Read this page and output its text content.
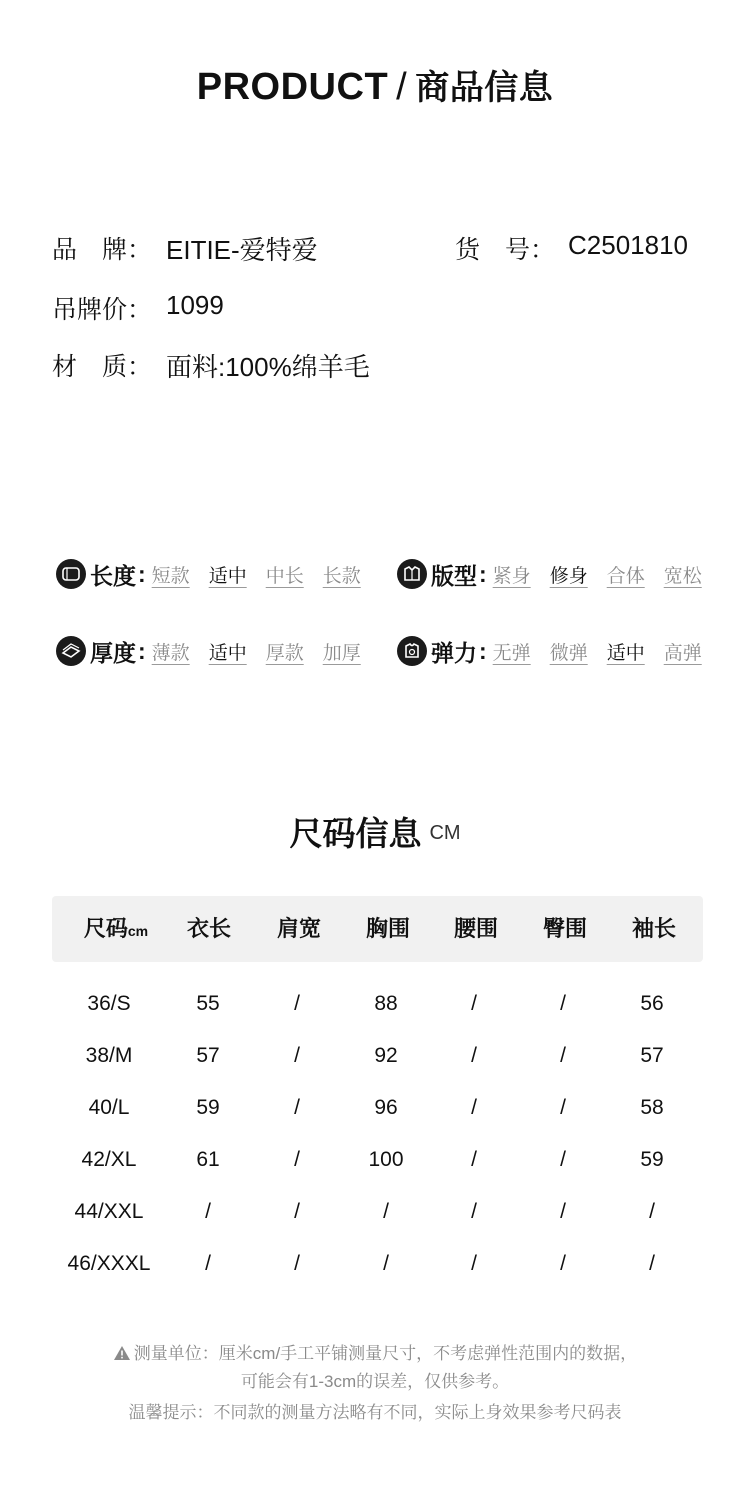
PRODUCT / 商品信息
品　牌： EITIE-爱特爱	货　号： C2501810
吊牌价： 1099
材　质： 面料:100%绵羊毛
长度 : 短款 适中 中长 长款	版型 : 紧身 修身 合体 宽松
厚度 : 薄款 适中 厚款 加厚	弹力 : 无弹 微弹 适中 高弹
尺码信息 CM
尺码cm	衣长	肩宽	胸围	腰围	臀围	袖长
36/S	55	/	88	/	/	56
38/M	57	/	92	/	/	57
40/L	59	/	96	/	/	58
42/XL	61	/	100	/	/	59
44/XXL	/	/	/	/	/	/
46/XXXL	/	/	/	/	/	/
测量单位：厘米cm/手工平铺测量尺寸，不考虑弹性范围内的数据，
可能会有1-3cm的误差，仅供参考。
温馨提示：不同款的测量方法略有不同，实际上身效果参考尺码表
